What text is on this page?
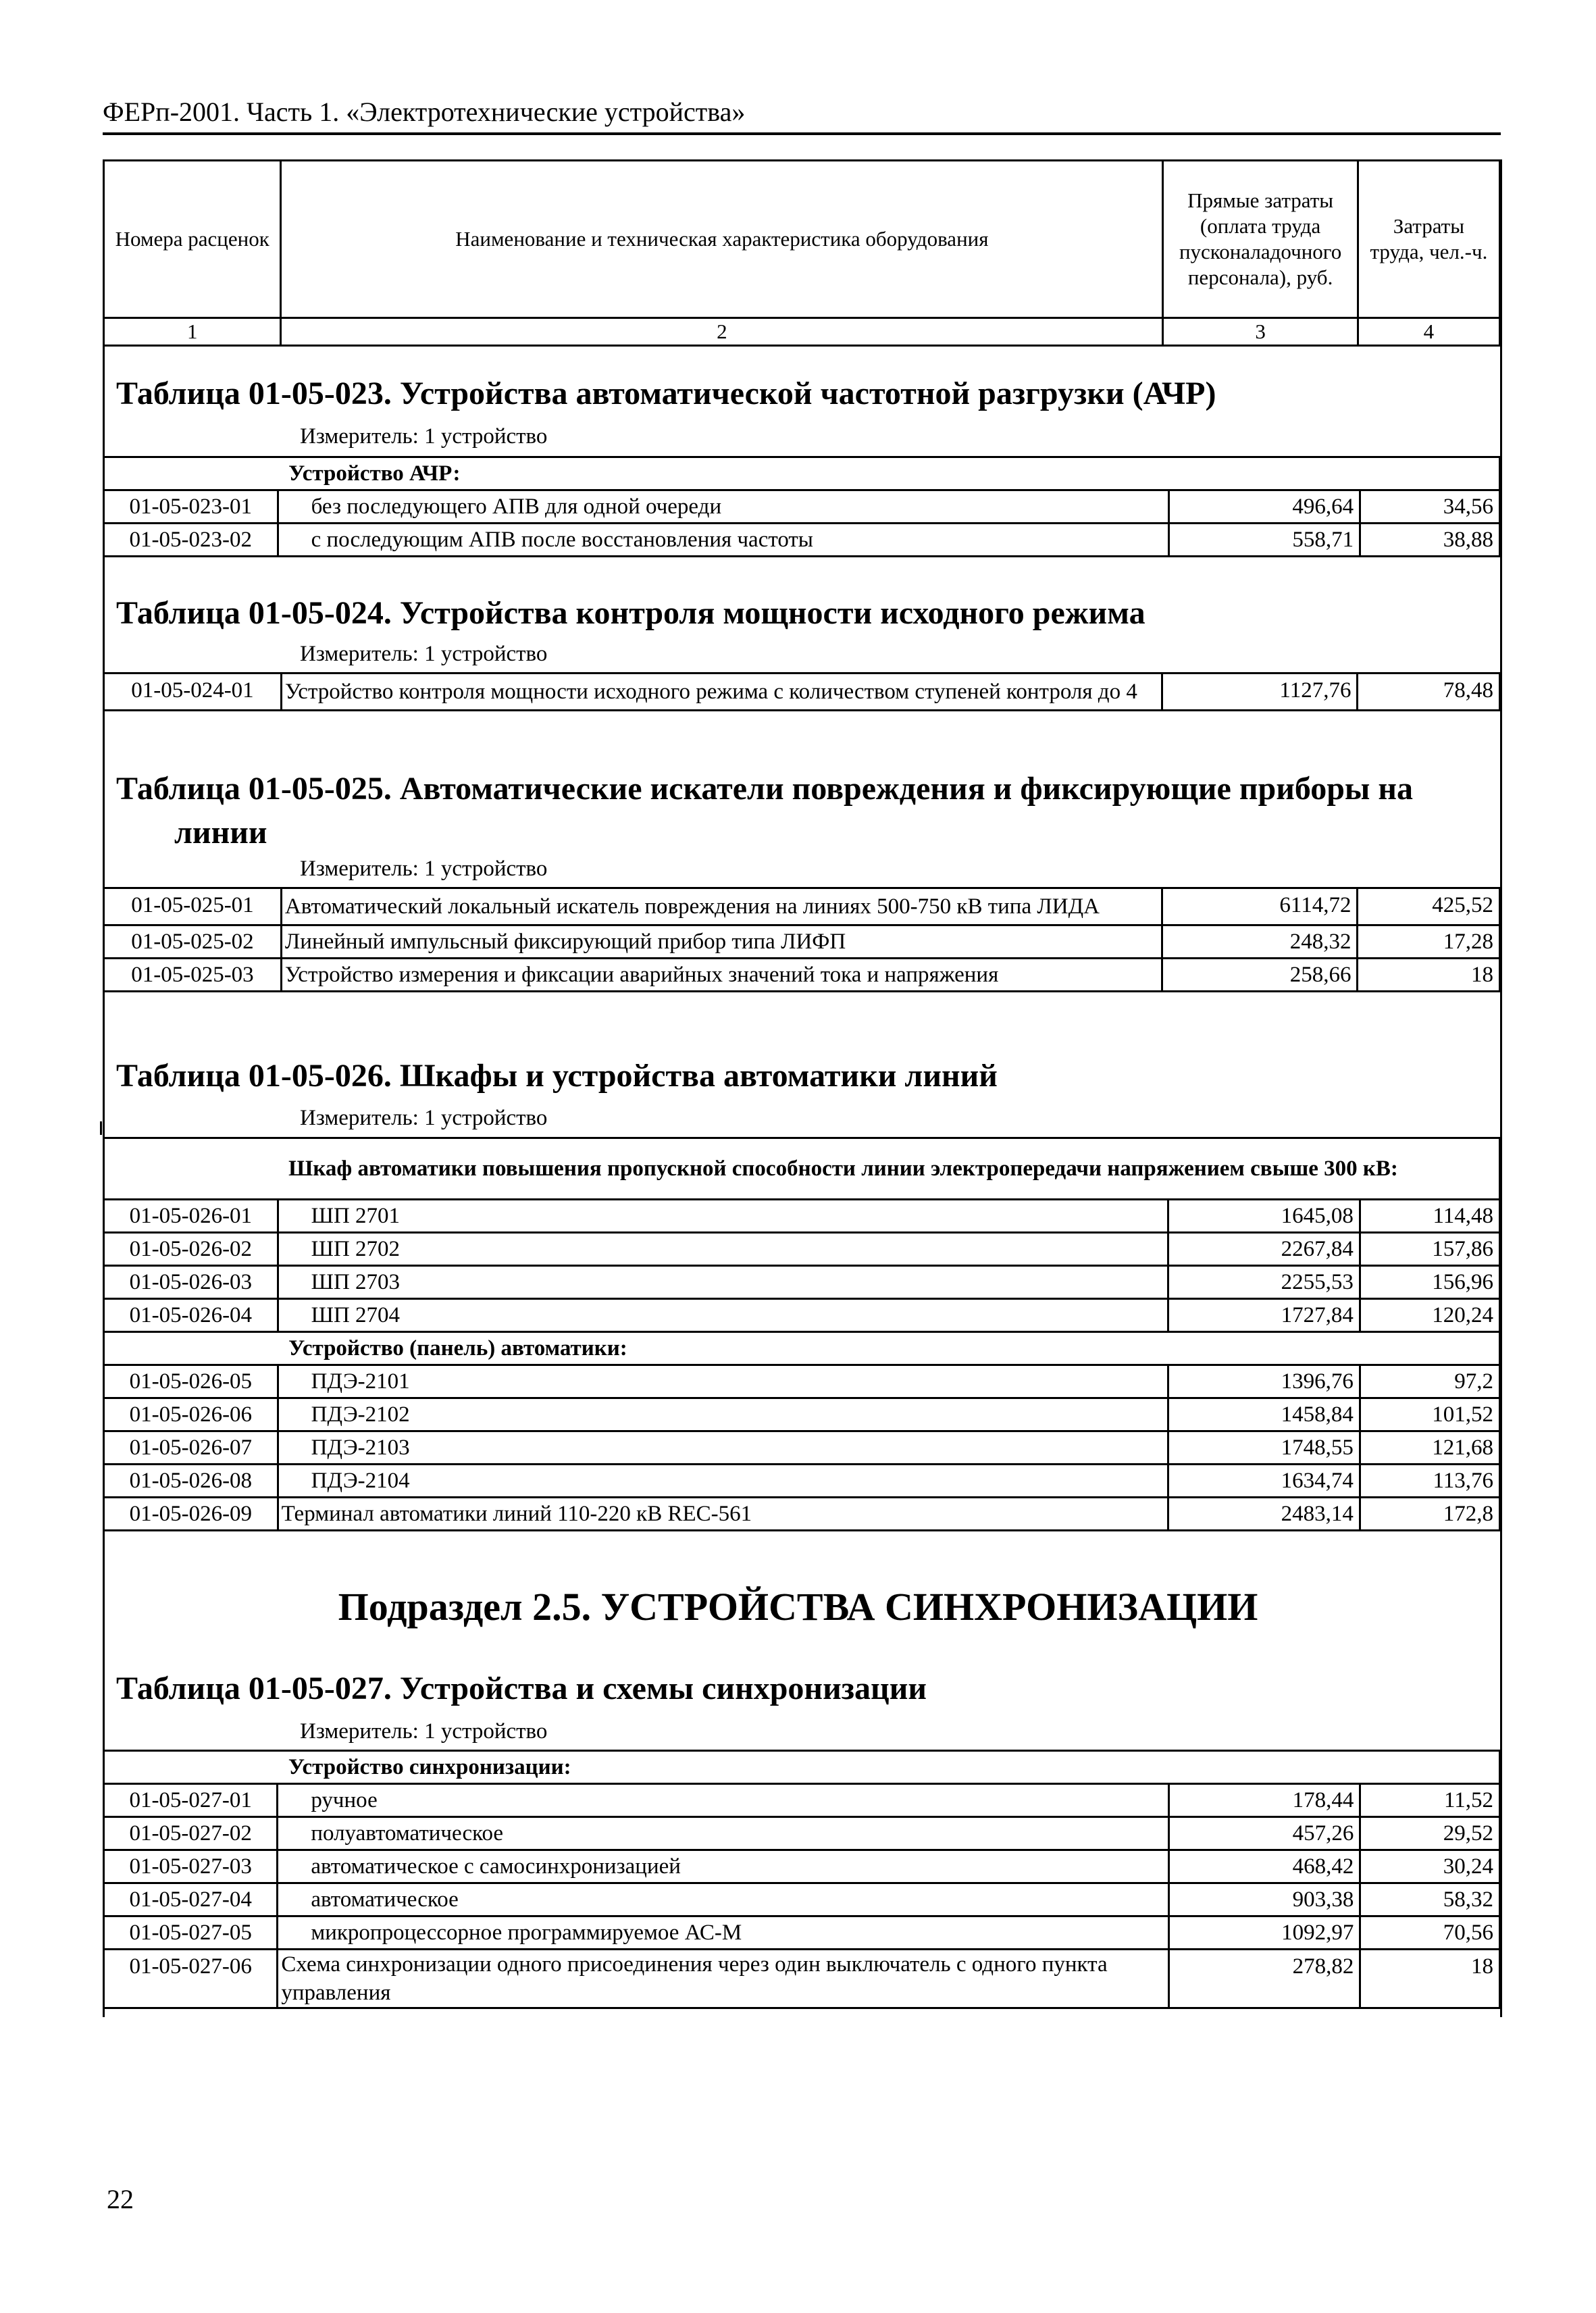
ФЕРп-2001. Часть 1. «Электротехнические устройства»
Номера расценок	Наименование и техническая характеристика оборудования	Прямые затраты (оплата труда пусконаладочного персонала), руб.	Затраты труда, чел.-ч.
1	2	3	4
Таблица 01-05-023. Устройства автоматической частотной разгрузки (АЧР)
Измеритель: 1 устройство
	Устройство АЧР:		
01-05-023-01	без последующего АПВ для одной очереди	496,64	34,56
01-05-023-02	с последующим АПВ после восстановления частоты	558,71	38,88
Таблица 01-05-024. Устройства контроля мощности исходного режима
Измеритель: 1 устройство
01-05-024-01	Устройство контроля мощности исходного режима с количеством ступеней контроля до 4	1127,76	78,48
Таблица 01-05-025. Автоматические искатели повреждения и фиксирующие приборы на
линии
Измеритель: 1 устройство
01-05-025-01	Автоматический локальный искатель повреждения на линиях 500-750 кВ типа ЛИДА	6114,72	425,52
01-05-025-02	Линейный импульсный фиксирующий прибор типа ЛИФП	248,32	17,28
01-05-025-03	Устройство измерения и фиксации аварийных значений тока и напряжения	258,66	18
Таблица 01-05-026. Шкафы и устройства автоматики линий
Измеритель: 1 устройство
	Шкаф автоматики повышения пропускной способности линии электропередачи напряжением свыше 300 кВ:		
01-05-026-01	ШП 2701	1645,08	114,48
01-05-026-02	ШП 2702	2267,84	157,86
01-05-026-03	ШП 2703	2255,53	156,96
01-05-026-04	ШП 2704	1727,84	120,24
	Устройство (панель) автоматики:		
01-05-026-05	ПДЭ-2101	1396,76	97,2
01-05-026-06	ПДЭ-2102	1458,84	101,52
01-05-026-07	ПДЭ-2103	1748,55	121,68
01-05-026-08	ПДЭ-2104	1634,74	113,76
01-05-026-09	Терминал автоматики линий 110-220 кВ REC-561	2483,14	172,8
Подраздел 2.5. УСТРОЙСТВА СИНХРОНИЗАЦИИ
Таблица 01-05-027. Устройства и схемы синхронизации
Измеритель: 1 устройство
	Устройство синхронизации:		
01-05-027-01	ручное	178,44	11,52
01-05-027-02	полуавтоматическое	457,26	29,52
01-05-027-03	автоматическое с самосинхронизацией	468,42	30,24
01-05-027-04	автоматическое	903,38	58,32
01-05-027-05	микропроцессорное программируемое АС-М	1092,97	70,56
01-05-027-06	Схема синхронизации одного присоединения через один выключатель с одного пункта управления	278,82	18
22
